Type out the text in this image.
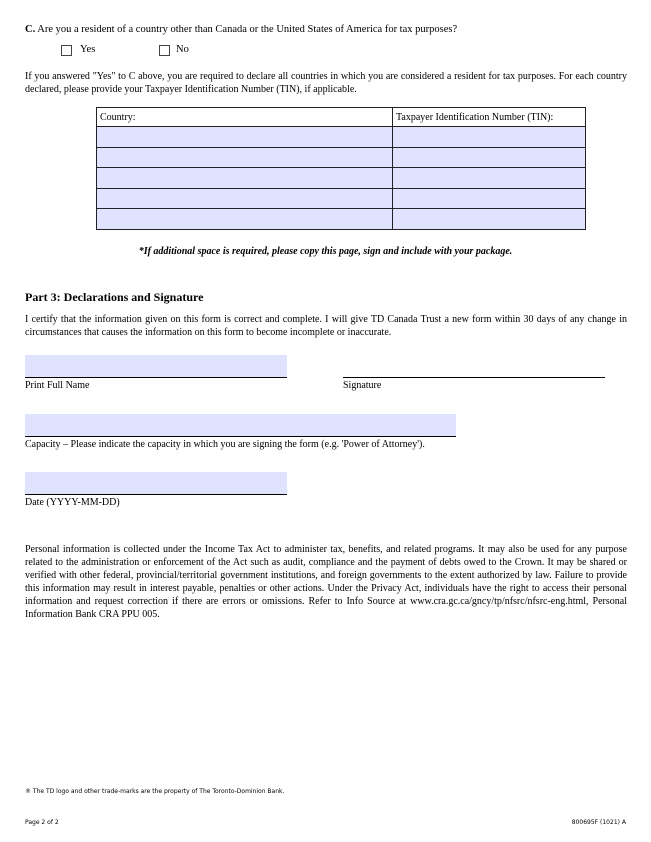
C. Are you a resident of a country other than Canada or the United States of America for tax purposes?
Yes	No
If you answered "Yes" to C above, you are required to declare all countries in which you are considered a resident for tax purposes. For each country declared, please provide your Taxpayer Identification Number (TIN), if applicable.
Country:	Taxpayer Identification Number (TIN):

*If additional space is required, please copy this page, sign and include with your package.
Part 3: Declarations and Signature
I certify that the information given on this form is correct and complete. I will give TD Canada Trust a new form within 30 days of any change in circumstances that causes the information on this form to become incomplete or inaccurate.
Print Full Name	Signature
Capacity – Please indicate the capacity in which you are signing the form (e.g. 'Power of Attorney').
Date (YYYY-MM-DD)
Personal information is collected under the Income Tax Act to administer tax, benefits, and related programs. It may also be used for any purpose related to the administration or enforcement of the Act such as audit, compliance and the payment of debts owed to the Crown. It may be shared or verified with other federal, provincial/territorial government institutions, and foreign governments to the extent authorized by law. Failure to provide this information may result in interest payable, penalties or other actions. Under the Privacy Act, individuals have the right to access their personal information and request correction if there are errors or omissions. Refer to Info Source at www.cra.gc.ca/gncy/tp/nfsrc/nfsrc-eng.html, Personal Information Bank CRA PPU 005.
® The TD logo and other trade-marks are the property of The Toronto-Dominion Bank.
Page 2 of 2	800695F (1021) A
